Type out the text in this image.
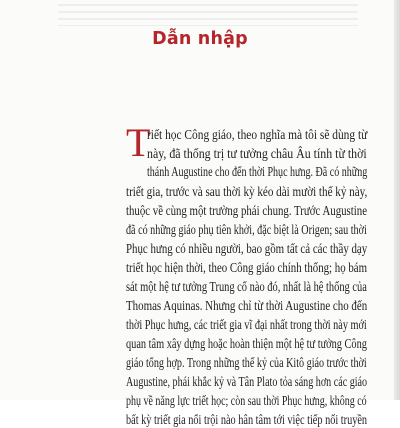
Dẫn nhập
T
riết học Công giáo, theo nghĩa mà tôi sẽ dùng từ
này, đã thống trị tư tưởng châu Âu tính từ thời
thánh Augustine cho đến thời Phục hưng. Đã có những
triết gia, trước và sau thời kỳ kéo dài mười thế kỷ này,
thuộc về cùng một trường phái chung. Trước Augustine
đã có những giáo phụ tiên khởi, đặc biệt là Origen; sau thời
Phục hưng có nhiều người, bao gồm tất cả các thầy dạy
triết học hiện thời, theo Công giáo chính thống; họ bám
sát một hệ tư tưởng Trung cổ nào đó, nhất là hệ thống của
Thomas Aquinas. Nhưng chỉ từ thời Augustine cho đến
thời Phục hưng, các triết gia vĩ đại nhất trong thời này mới
quan tâm xây dựng hoặc hoàn thiện một hệ tư tưởng Công
giáo tổng hợp. Trong những thế kỷ của Kitô giáo trước thời
Augustine, phái khắc kỷ và Tân Plato tỏa sáng hơn các giáo
phụ về năng lực triết học; còn sau thời Phục hưng, không có
bất kỳ triết gia nổi trội nào hân tâm tới việc tiếp nối truyền
